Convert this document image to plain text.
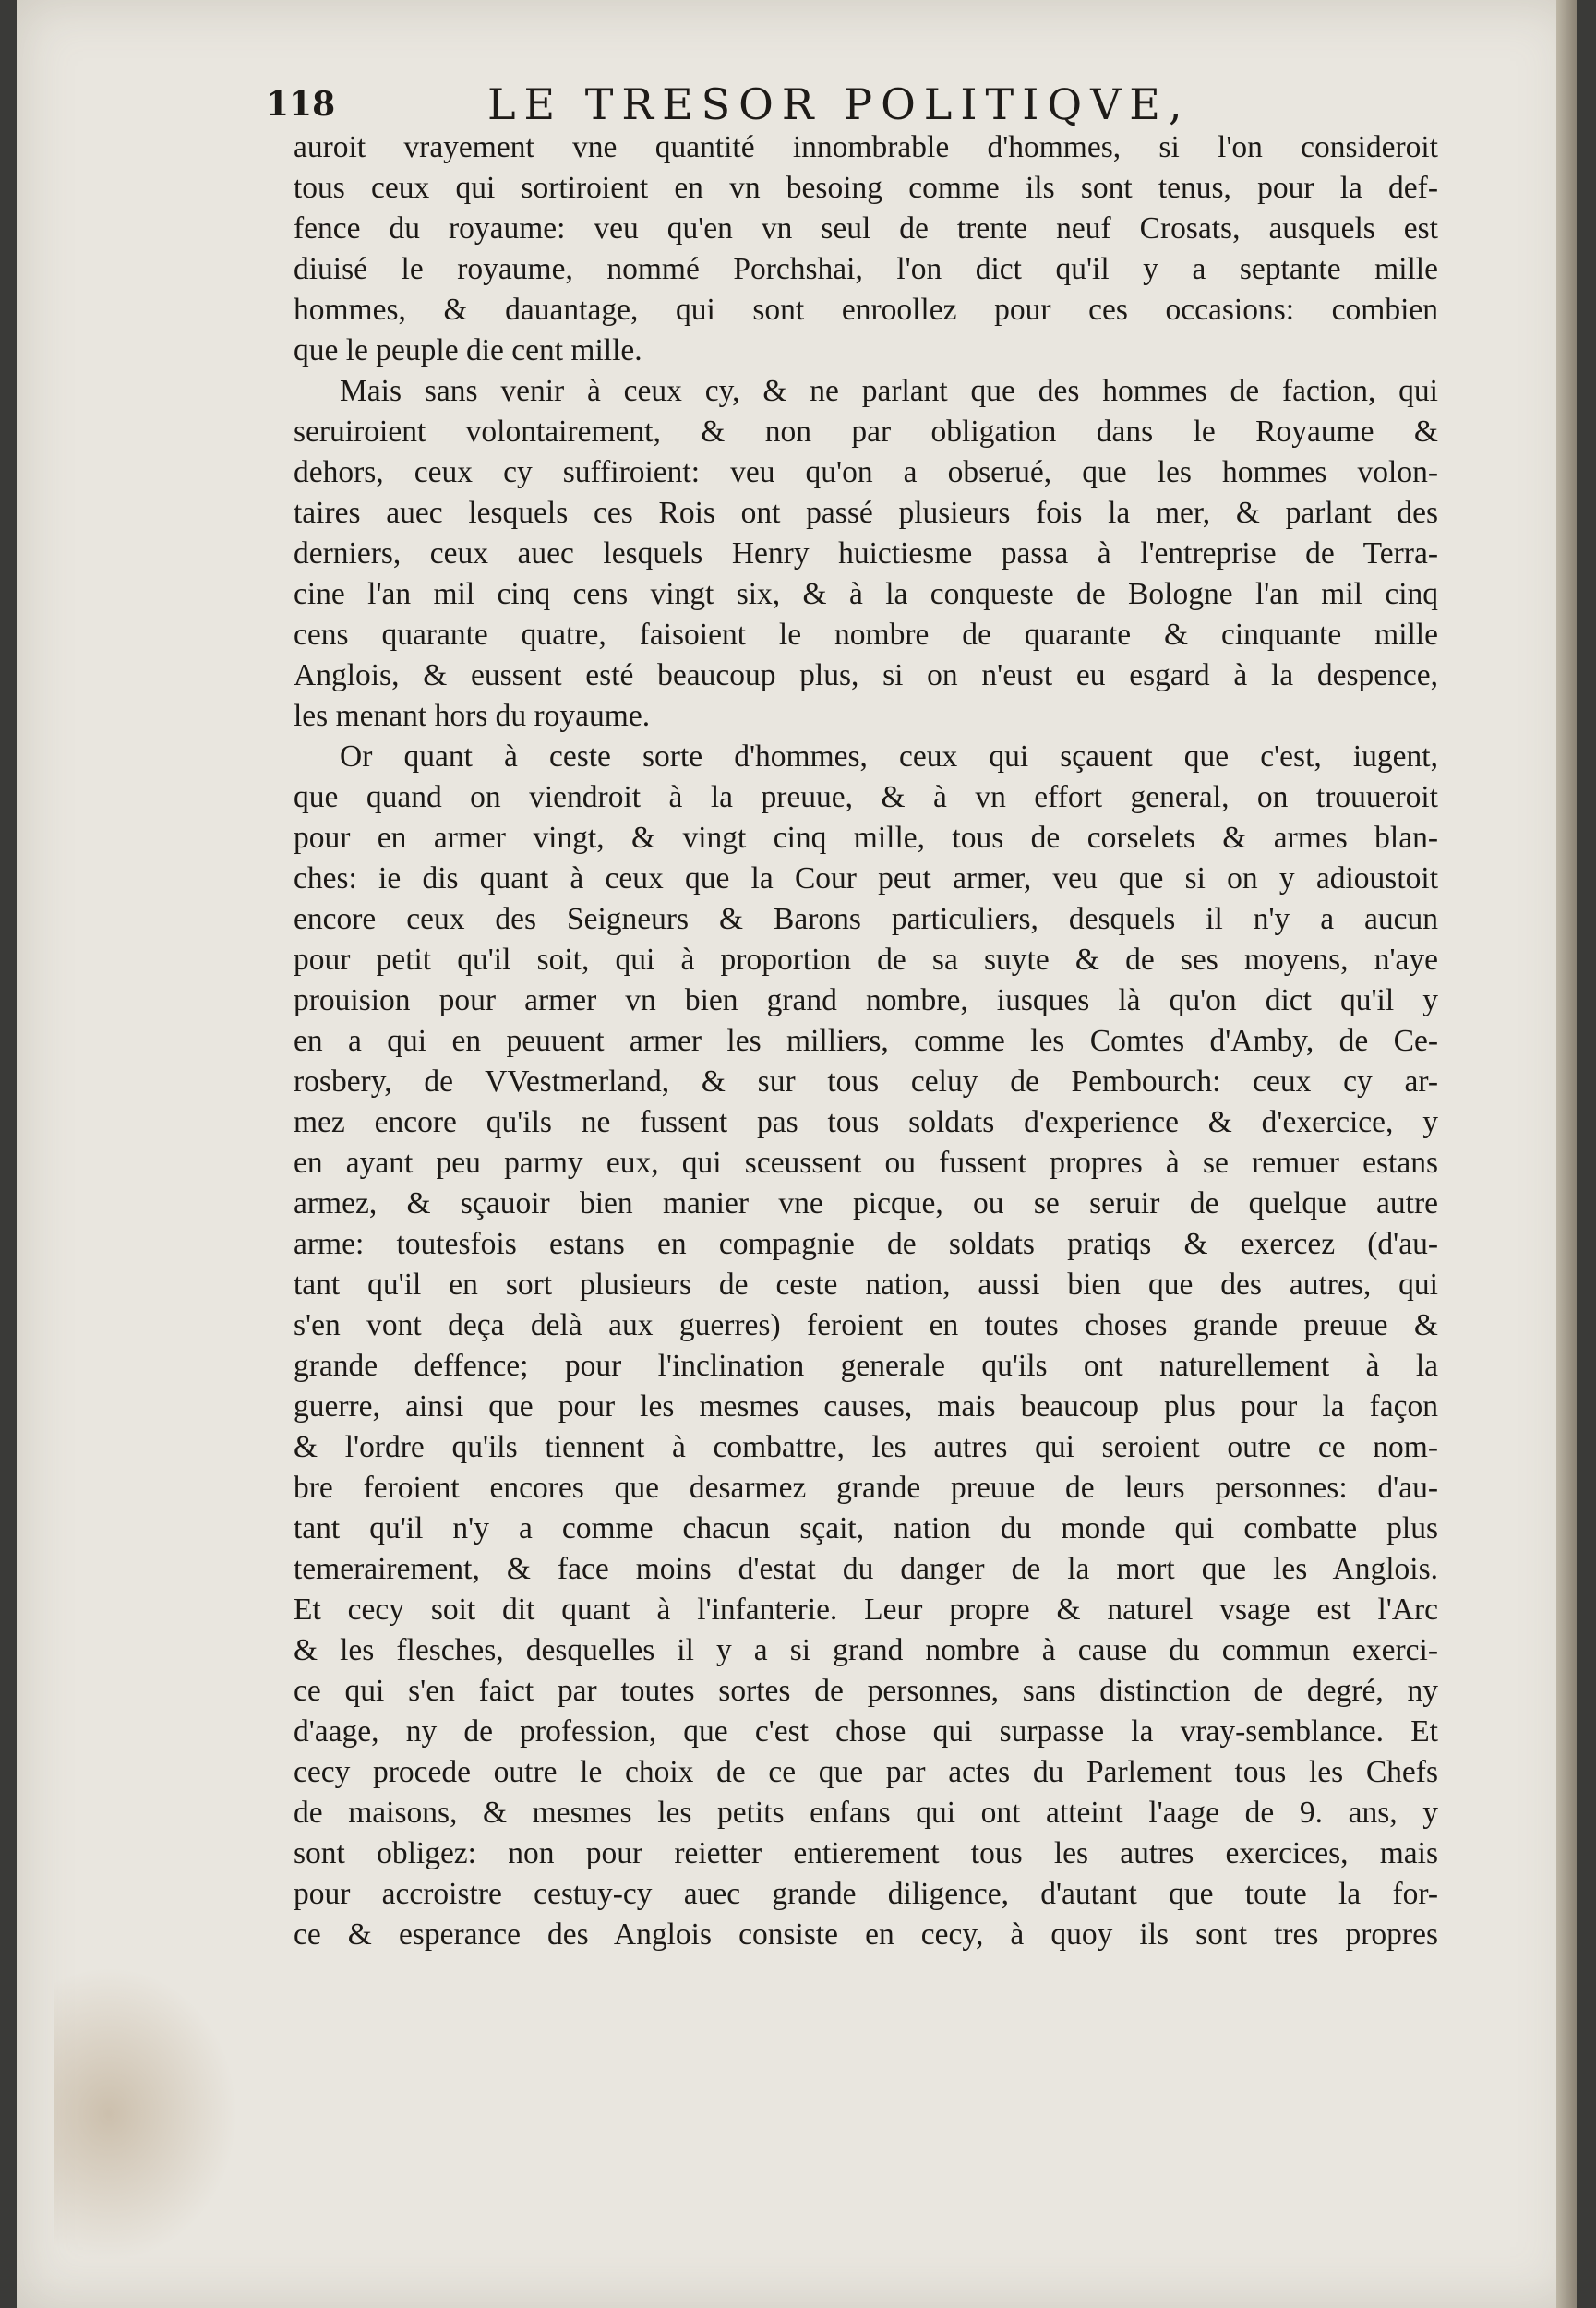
118	LE TRESOR POLITIQVE,
auroit vrayement vne quantité innombrable d'hommes, si l'on consideroit
tous ceux qui sortiroient en vn besoing comme ils sont tenus, pour la def-
fence du royaume: veu qu'en vn seul de trente neuf Crosats, ausquels est
diuisé le royaume, nommé Porchshai, l'on dict qu'il y a septante mille
hommes, & dauantage, qui sont enroollez pour ces occasions: combien
que le peuple die cent mille.
Mais sans venir à ceux cy, & ne parlant que des hommes de faction, qui
seruiroient volontairement, & non par obligation dans le Royaume &
dehors, ceux cy suffiroient: veu qu'on a obserué, que les hommes volon-
taires auec lesquels ces Rois ont passé plusieurs fois la mer, & parlant des
derniers, ceux auec lesquels Henry huictiesme passa à l'entreprise de Terra-
cine l'an mil cinq cens vingt six, & à la conqueste de Bologne l'an mil cinq
cens quarante quatre, faisoient le nombre de quarante & cinquante mille
Anglois, & eussent esté beaucoup plus, si on n'eust eu esgard à la despence,
les menant hors du royaume.
Or quant à ceste sorte d'hommes, ceux qui sçauent que c'est, iugent,
que quand on viendroit à la preuue, & à vn effort general, on trouueroit
pour en armer vingt, & vingt cinq mille, tous de corselets & armes blan-
ches: ie dis quant à ceux que la Cour peut armer, veu que si on y adioustoit
encore ceux des Seigneurs & Barons particuliers, desquels il n'y a aucun
pour petit qu'il soit, qui à proportion de sa suyte & de ses moyens, n'aye
prouision pour armer vn bien grand nombre, iusques là qu'on dict qu'il y
en a qui en peuuent armer les milliers, comme les Comtes d'Amby, de Ce-
rosbery, de VVestmerland, & sur tous celuy de Pembourch: ceux cy ar-
mez encore qu'ils ne fussent pas tous soldats d'experience & d'exercice, y
en ayant peu parmy eux, qui sceussent ou fussent propres à se remuer estans
armez, & sçauoir bien manier vne picque, ou se seruir de quelque autre
arme: toutesfois estans en compagnie de soldats pratiqs & exercez (d'au-
tant qu'il en sort plusieurs de ceste nation, aussi bien que des autres, qui
s'en vont deça delà aux guerres) feroient en toutes choses grande preuue &
grande deffence; pour l'inclination generale qu'ils ont naturellement à la
guerre, ainsi que pour les mesmes causes, mais beaucoup plus pour la façon
& l'ordre qu'ils tiennent à combattre, les autres qui seroient outre ce nom-
bre feroient encores que desarmez grande preuue de leurs personnes: d'au-
tant qu'il n'y a comme chacun sçait, nation du monde qui combatte plus
temerairement, & face moins d'estat du danger de la mort que les Anglois.
Et cecy soit dit quant à l'infanterie. Leur propre & naturel vsage est l'Arc
& les flesches, desquelles il y a si grand nombre à cause du commun exerci-
ce qui s'en faict par toutes sortes de personnes, sans distinction de degré, ny
d'aage, ny de profession, que c'est chose qui surpasse la vray-semblance. Et
cecy procede outre le choix de ce que par actes du Parlement tous les Chefs
de maisons, & mesmes les petits enfans qui ont atteint l'aage de 9. ans, y
sont obligez: non pour reietter entierement tous les autres exercices, mais
pour accroistre cestuy-cy auec grande diligence, d'autant que toute la for-
ce & esperance des Anglois consiste en cecy, à quoy ils sont tres propres
